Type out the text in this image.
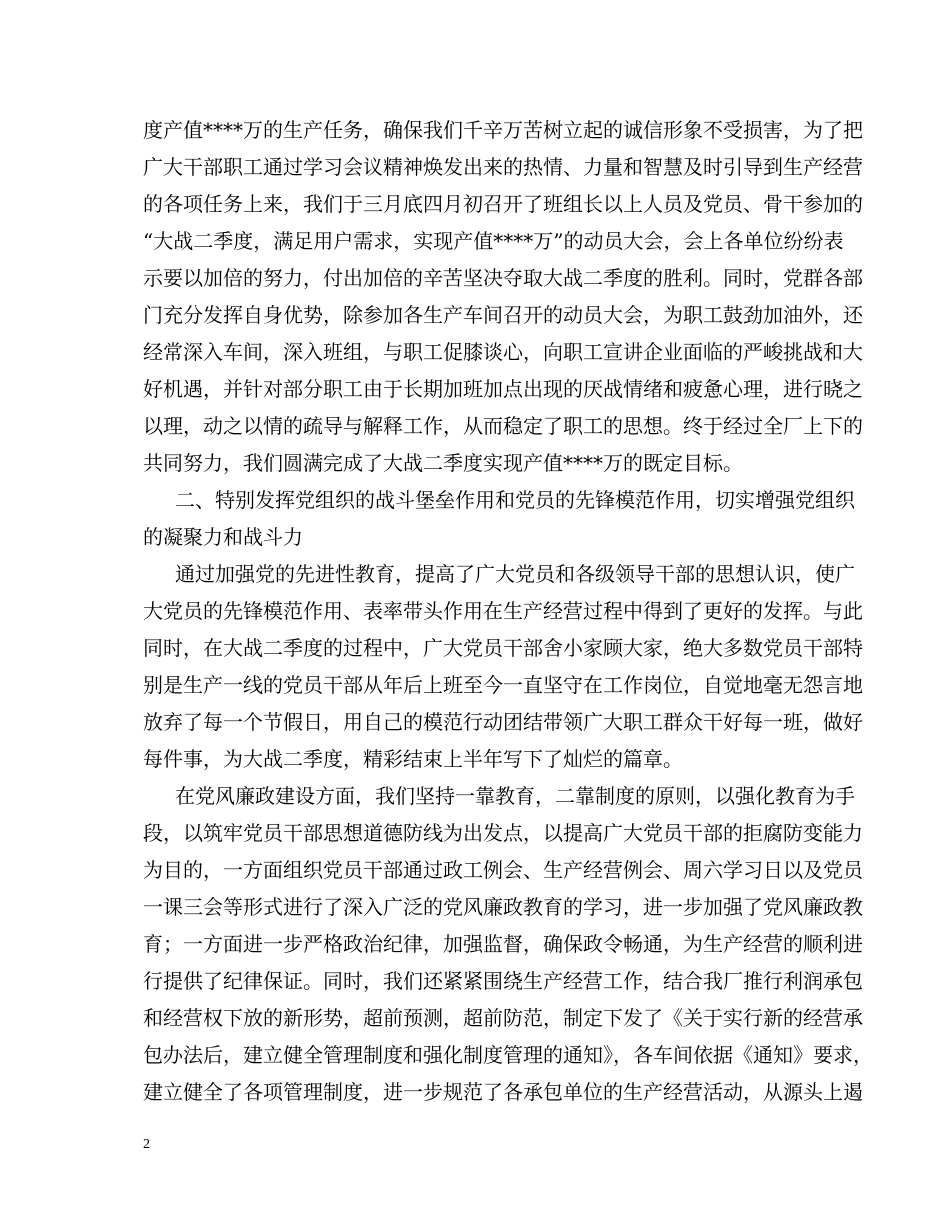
度产值****万的生产任务，确保我们千辛万苦树立起的诚信形象不受损害，为了把
广大干部职工通过学习会议精神焕发出来的热情、力量和智慧及时引导到生产经营
的各项任务上来，我们于三月底四月初召开了班组长以上人员及党员、骨干参加的
“大战二季度，满足用户需求，实现产值****万”的动员大会，会上各单位纷纷表
示要以加倍的努力，付出加倍的辛苦坚决夺取大战二季度的胜利。同时，党群各部
门充分发挥自身优势，除参加各生产车间召开的动员大会，为职工鼓劲加油外，还
经常深入车间，深入班组，与职工促膝谈心，向职工宣讲企业面临的严峻挑战和大
好机遇，并针对部分职工由于长期加班加点出现的厌战情绪和疲惫心理，进行晓之
以理，动之以情的疏导与解释工作，从而稳定了职工的思想。终于经过全厂上下的
共同努力，我们圆满完成了大战二季度实现产值****万的既定目标。
二、特别发挥党组织的战斗堡垒作用和党员的先锋模范作用，切实增强党组织
的凝聚力和战斗力
通过加强党的先进性教育，提高了广大党员和各级领导干部的思想认识，使广
大党员的先锋模范作用、表率带头作用在生产经营过程中得到了更好的发挥。与此
同时，在大战二季度的过程中，广大党员干部舍小家顾大家，绝大多数党员干部特
别是生产一线的党员干部从年后上班至今一直坚守在工作岗位，自觉地毫无怨言地
放弃了每一个节假日，用自己的模范行动团结带领广大职工群众干好每一班，做好
每件事，为大战二季度，精彩结束上半年写下了灿烂的篇章。
在党风廉政建设方面，我们坚持一靠教育，二靠制度的原则，以强化教育为手
段，以筑牢党员干部思想道德防线为出发点，以提高广大党员干部的拒腐防变能力
为目的，一方面组织党员干部通过政工例会、生产经营例会、周六学习日以及党员
一课三会等形式进行了深入广泛的党风廉政教育的学习，进一步加强了党风廉政教
育；一方面进一步严格政治纪律，加强监督，确保政令畅通，为生产经营的顺利进
行提供了纪律保证。同时，我们还紧紧围绕生产经营工作，结合我厂推行利润承包
和经营权下放的新形势，超前预测，超前防范，制定下发了《关于实行新的经营承
包办法后，建立健全管理制度和强化制度管理的通知》，各车间依据《通知》要求，
建立健全了各项管理制度，进一步规范了各承包单位的生产经营活动，从源头上遏
2
